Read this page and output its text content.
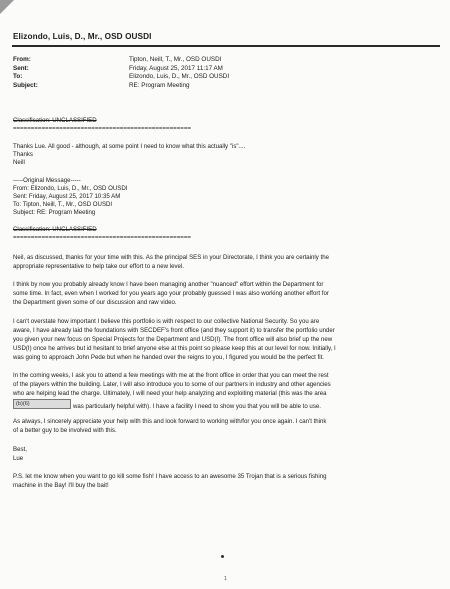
Elizondo, Luis, D., Mr., OSD OUSDI
From:	Tipton, Neill, T., Mr., OSD OUSDI
Sent:	Friday, August 25, 2017 11:17 AM
To:	Elizondo, Luis, D., Mr., OSD OUSDI
Subject:	RE: Program Meeting
Classification: UNCLASSIFIED
==================================================
Thanks Lue. All good - although, at some point I need to know what this actually "is"....
Thanks
Neill
-----Original Message-----
From: Elizondo, Luis, D., Mr., OSD OUSDI
Sent: Friday, August 25, 2017 10:35 AM
To: Tipton, Neill, T., Mr., OSD OUSDI
Subject: RE: Program Meeting
Classification: UNCLASSIFIED
==================================================
Neil, as discussed, thanks for your time with this. As the principal SES in your Directorate, I think you are certainly the
appropriate representative to help take our effort to a new level.
I think by now you probably already know I have been managing another "nuanced" effort within the Department for
some time. In fact, even when I worked for you years ago your probably guessed I was also working another effort for
the Department given some of our discussion and raw video.
I can't overstate how important I believe this portfolio is with respect to our collective National Security. So you are
aware, I have already laid the foundations with SECDEF's front office (and they support it) to transfer the portfolio under
you given your new focus on Special Projects for the Department and USD(I). The front office will also brief up the new
USD(I) once he arrives but id hesitant to brief anyone else at this point so please keep this at our level for now. Initially, I
was going to approach John Pede but when he handed over the reigns to you, I figured you would be the perfect fit.
In the coming weeks, I ask you to attend a few meetings with me at the front office in order that you can meet the rest
of the players within the building. Later, I will also introduce you to some of our partners in industry and other agencies
who are helping lead the charge. Ultimately, I will need your help analyzing and exploiting material (this was the area
(b)(6)	was particularly helpful with). I have a facility I need to show you that you will be able to use.
As always, I sincerely appreciate your help with this and look forward to working with/for you once again. I can't think
of a better guy to be involved with this.
Best,
Lue
P.S. let me know when you want to go kill some fish! I have access to an awesome 35 Trojan that is a serious fishing
machine in the Bay! I'll buy the bait!
1
